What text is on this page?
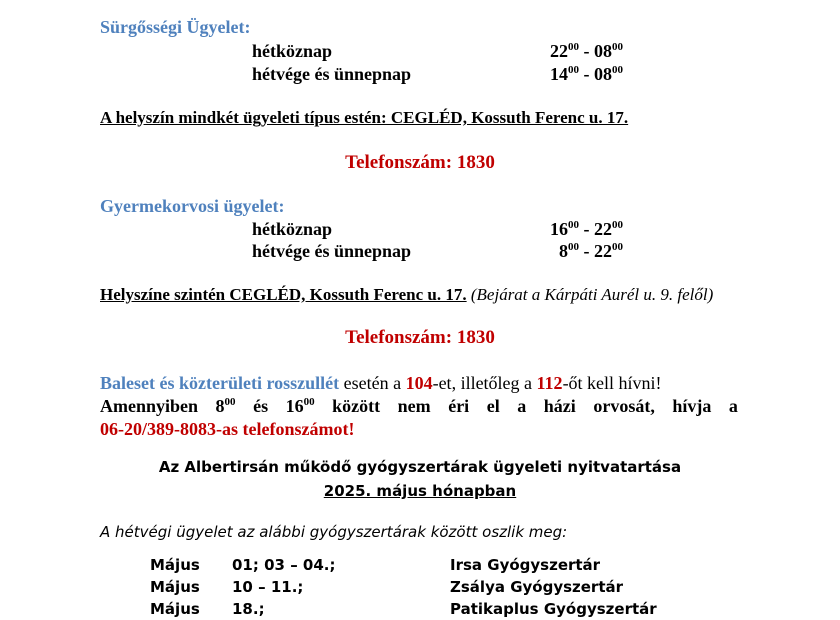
Sürgősségi Ügyelet:
hétköznap	$22^{00} - 08^{00}$
hétvége és ünnepnap	$14^{00} - 08^{00}$
A helyszín mindkét ügyeleti típus estén: CEGLÉD, Kossuth Ferenc u. 17.
Telefonszám: 1830
Gyermekorvosi ügyelet:
hétköznap	$16^{00} - 22^{00}$
hétvége és ünnepnap	$8^{00} - 22^{00}$
Helyszíne szintén CEGLÉD, Kossuth Ferenc u. 17. (Bejárat a Kárpáti Aurél u. 9. felől)
Telefonszám: 1830
Baleset és közterületi rosszullét esetén a 104-et, illetőleg a 112-őt kell hívni!
Amennyiben $8^{00}$ és $16^{00}$ között nem éri el a házi orvosát, hívja a
06-20/389-8083-as telefonszámot!
Az Albertirsán működő gyógyszertárak ügyeleti nyitvatartása
2025. május hónapban
A hétvégi ügyelet az alábbi gyógyszertárak között oszlik meg:
Május 01; 03 – 04.;	Irsa Gyógyszertár
Május 10 – 11.;	Zsálya Gyógyszertár
Május 18.;	Patikaplus Gyógyszertár
